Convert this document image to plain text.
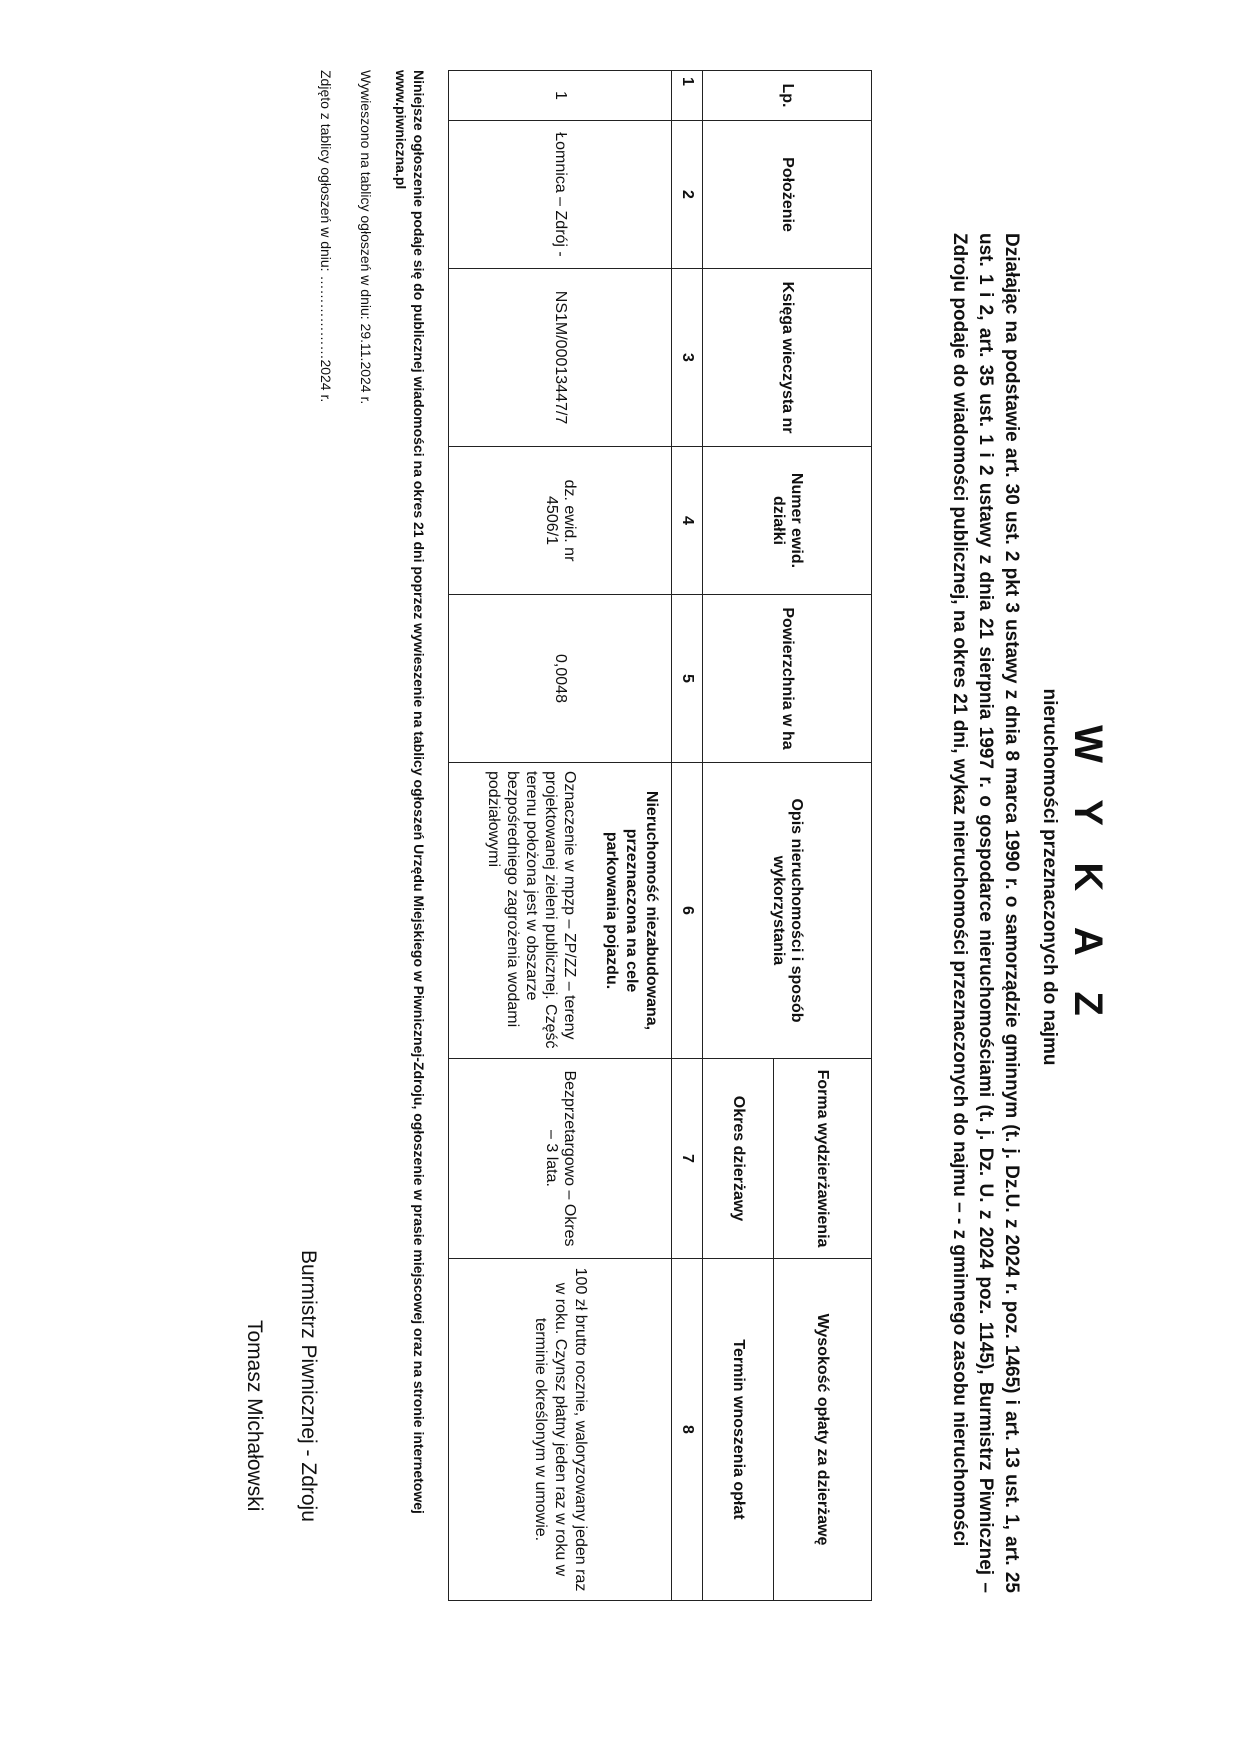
W Y K A Z
nieruchomości przeznaczonych do najmu
Działając na podstawie art. 30 ust. 2 pkt 3 ustawy z dnia 8 marca 1990 r. o samorządzie gminnym (t. j. Dz.U. z 2024 r. poz. 1465) i art. 13 ust. 1, art. 25 ust. 1 i 2, art. 35 ust. 1 i 2 ustawy z dnia 21 sierpnia 1997 r. o gospodarce nieruchomościami (t. j. Dz. U. z 2024 poz. 1145), Burmistrz Piwnicznej – Zdroju podaje do wiadomości publicznej, na okres 21 dni, wykaz nieruchomości przeznaczonych do najmu – - z gminnego zasobu nieruchomości
Lp.	Położenie	Księga wieczysta nr	Numer ewid. działki	Powierzchnia w ha	Opis nieruchomości i sposób wykorzystania	Forma wydzierżawienia	Wysokość opłaty za dzierżawę
						Okres dzierżawy	Termin wnoszenia opłat
1	2	3	4	5	6	7	8
1	Łomnica – Zdrój -	NS1M/00013447/7	dz. ewid. nr 4506/1	0,0048	Nieruchomość niezabudowana, przeznaczona na cele parkowania pojazdu.
Oznaczenie w mpzp – ZP/ZZ – tereny projektowanej zieleni publicznej. Część terenu położona jest w obszarze bezpośredniego zagrożenia wodami podziałowymi	Bezprzetargowo – Okres – 3 lata.	100 zł brutto rocznie, waloryzowany jeden raz w roku. Czynsz płatny jeden raz w roku w terminie określonym w umowie.
Niniejsze ogłoszenie podaje się do publicznej wiadomości na okres 21 dni poprzez wywieszenie na tablicy ogłoszeń Urzędu Miejskiego w Piwnicznej-Zdroju, ogłoszenie w prasie miejscowej oraz na stronie internetowej www.piwniczna.pl
Wywieszono na tablicy ogłoszeń w dniu: 29.11.2024 r.
Zdjęto z tablicy ogłoszeń w dniu: ………………2024 r.
Burmistrz Piwnicznej - Zdroju
Tomasz Michałowski
